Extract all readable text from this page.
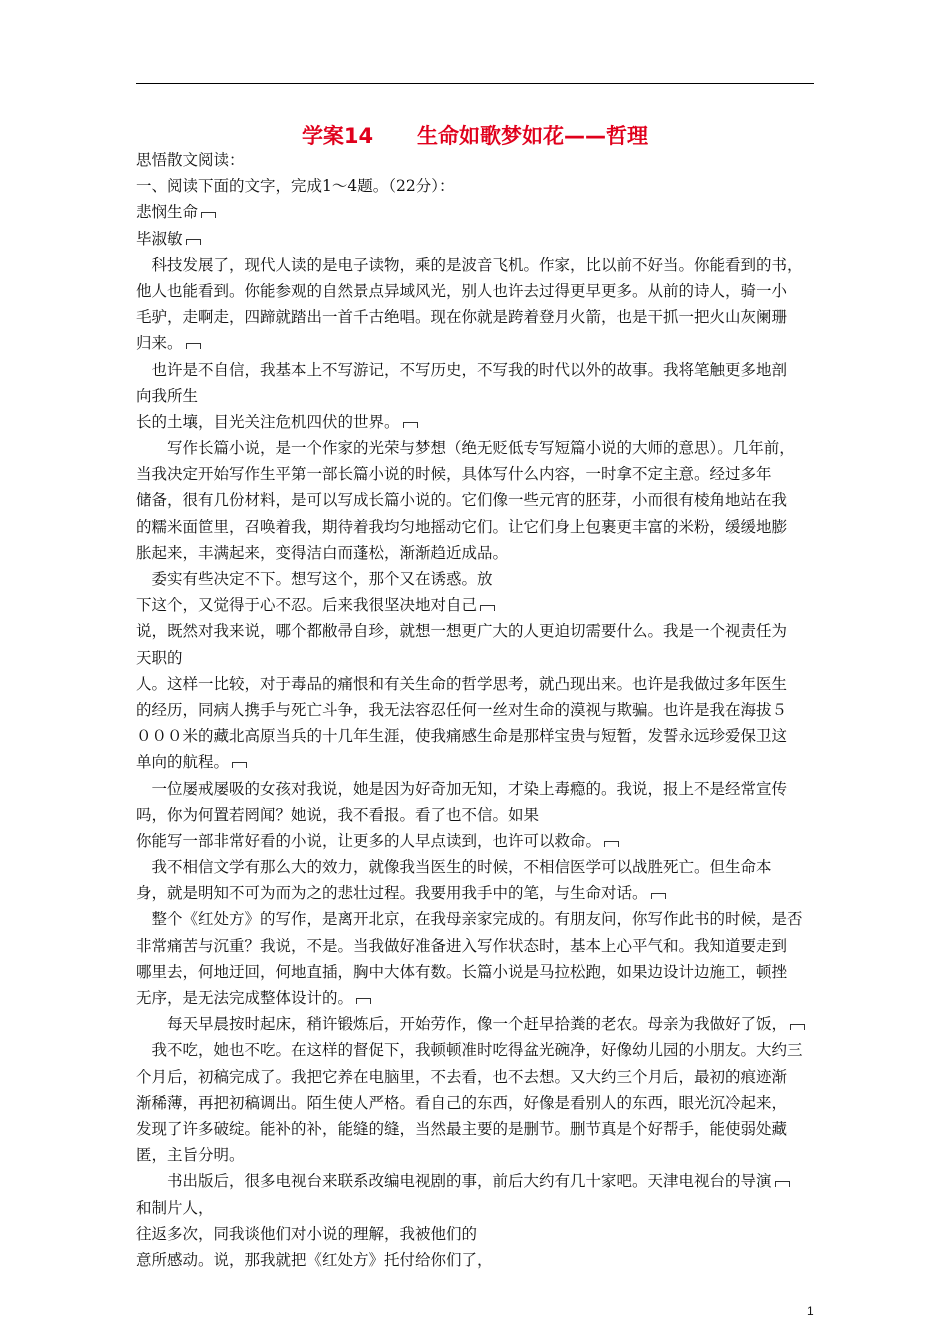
学案14 生命如歌梦如花——哲理
思悟散文阅读：
一、阅读下面的文字，完成1～4题。（22分）：
悲悯生命
毕淑敏
　科技发展了，现代人读的是电子读物，乘的是波音飞机。作家，比以前不好当。你能看到的书，
他人也能看到。你能参观的自然景点异域风光，别人也许去过得更早更多。从前的诗人，骑一小
毛驴，走啊走，四蹄就踏出一首千古绝唱。现在你就是跨着登月火箭，也是干抓一把火山灰阑珊
归来。
　也许是不自信，我基本上不写游记，不写历史，不写我的时代以外的故事。我将笔触更多地剖
向我所生
长的土壤，目光关注危机四伏的世界。
　　写作长篇小说，是一个作家的光荣与梦想（绝无贬低专写短篇小说的大师的意思）。几年前，
当我决定开始写作生平第一部长篇小说的时候，具体写什么内容，一时拿不定主意。经过多年
储备，很有几份材料，是可以写成长篇小说的。它们像一些元宵的胚芽，小而很有棱角地站在我
的糯米面笸里，召唤着我，期待着我均匀地摇动它们。让它们身上包裹更丰富的米粉，缓缓地膨
胀起来，丰满起来，变得洁白而蓬松，渐渐趋近成品。
　委实有些决定不下。想写这个，那个又在诱惑。放
下这个，又觉得于心不忍。后来我很坚决地对自己
说，既然对我来说，哪个都敝帚自珍，就想一想更广大的人更迫切需要什么。我是一个视责任为
天职的
人。这样一比较，对于毒品的痛恨和有关生命的哲学思考，就凸现出来。也许是我做过多年医生
的经历，同病人携手与死亡斗争，我无法容忍任何一丝对生命的漠视与欺骗。也许是我在海拔５
０００米的藏北高原当兵的十几年生涯，使我痛感生命是那样宝贵与短暂，发誓永远珍爱保卫这
单向的航程。
　一位屡戒屡吸的女孩对我说，她是因为好奇加无知，才染上毒瘾的。我说，报上不是经常宣传
吗，你为何置若罔闻？她说，我不看报。看了也不信。如果
你能写一部非常好看的小说，让更多的人早点读到，也许可以救命。
　我不相信文学有那么大的效力，就像我当医生的时候，不相信医学可以战胜死亡。但生命本
身，就是明知不可为而为之的悲壮过程。我要用我手中的笔，与生命对话。
　整个《红处方》的写作，是离开北京，在我母亲家完成的。有朋友问，你写作此书的时候，是否
非常痛苦与沉重？我说，不是。当我做好准备进入写作状态时，基本上心平气和。我知道要走到
哪里去，何地迂回，何地直插，胸中大体有数。长篇小说是马拉松跑，如果边设计边施工，顿挫
无序，是无法完成整体设计的。
　　每天早晨按时起床，稍许锻炼后，开始劳作，像一个赶早拾粪的老农。母亲为我做好了饭，
　我不吃，她也不吃。在这样的督促下，我顿顿准时吃得盆光碗净，好像幼儿园的小朋友。大约三
个月后，初稿完成了。我把它养在电脑里，不去看，也不去想。又大约三个月后，最初的痕迹渐
渐稀薄，再把初稿调出。陌生使人严格。看自己的东西，好像是看别人的东西，眼光沉冷起来，
发现了许多破绽。能补的补，能缝的缝，当然最主要的是删节。删节真是个好帮手，能使弱处藏
匿，主旨分明。
　　书出版后，很多电视台来联系改编电视剧的事，前后大约有几十家吧。天津电视台的导演
和制片人，
往返多次，同我谈他们对小说的理解，我被他们的
意所感动。说，那我就把《红处方》托付给你们了，
1
